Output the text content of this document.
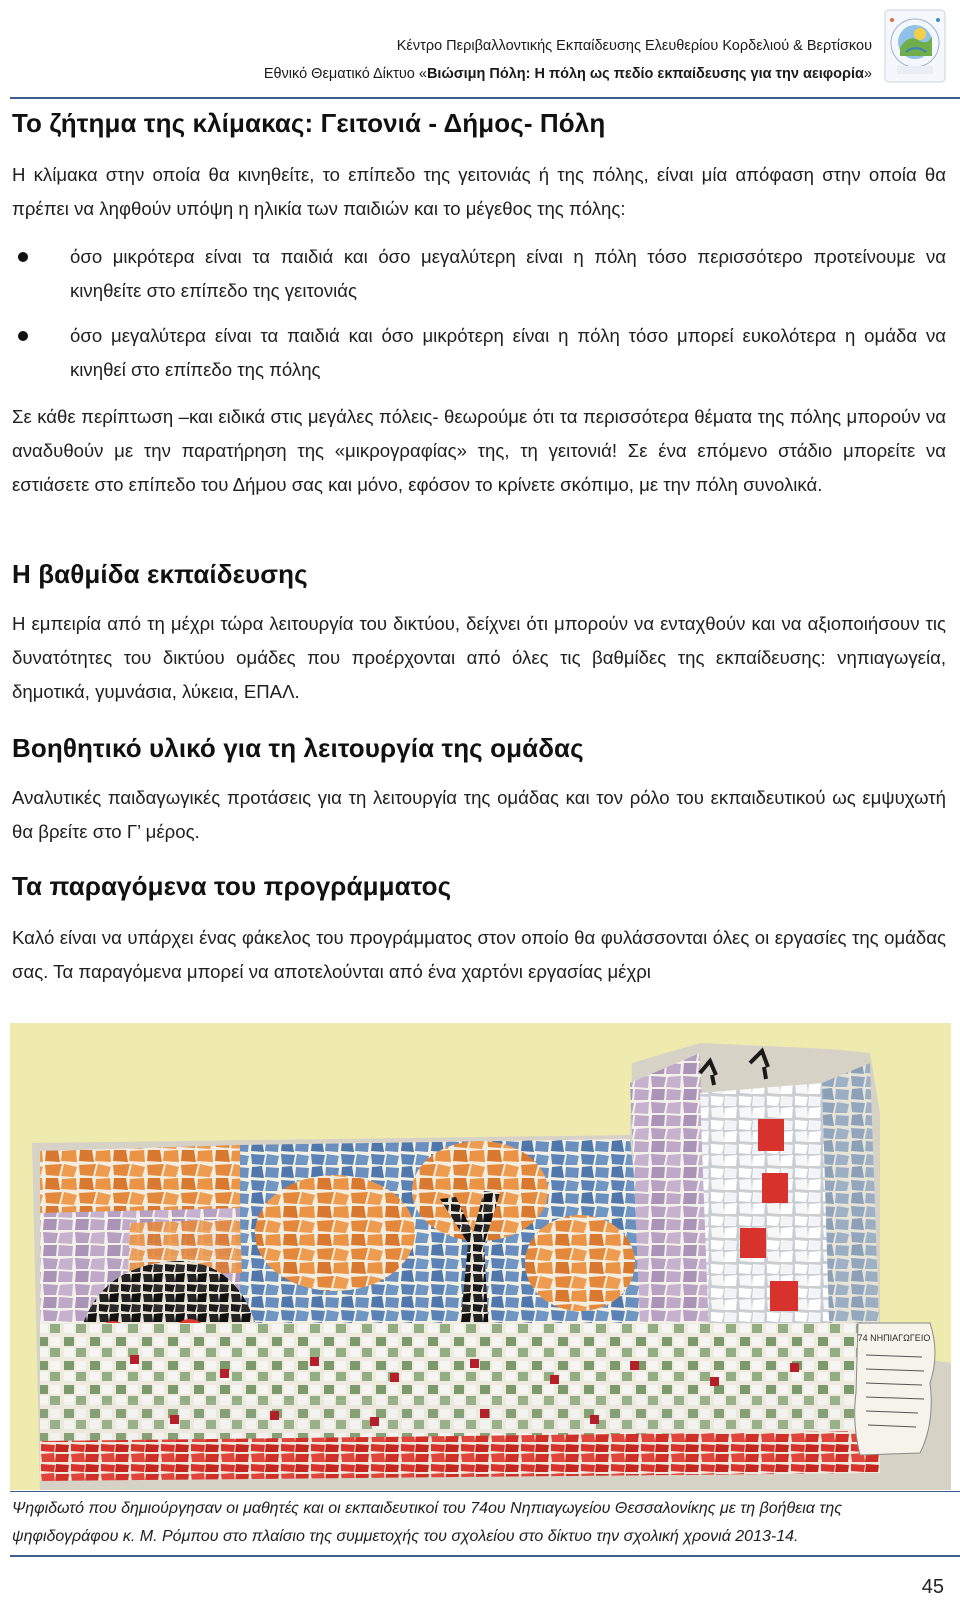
Κέντρο Περιβαλλοντικής Εκπαίδευσης Ελευθερίου Κορδελιού & Βερτίσκου
Εθνικό Θεματικό Δίκτυο «Βιώσιμη Πόλη: Η πόλη ως πεδίο εκπαίδευσης για την αειφορία»
Το ζήτημα της κλίμακας: Γειτονιά - Δήμος- Πόλη

Η κλίμακα στην οποία θα κινηθείτε, το επίπεδο της γειτονιάς ή της πόλης, είναι μία απόφαση στην οποία θα πρέπει να ληφθούν υπόψη η ηλικία των παιδιών και το μέγεθος της πόλης:

όσο μικρότερα είναι τα παιδιά και όσο μεγαλύτερη είναι η πόλη τόσο περισσότερο προτείνουμε να κινηθείτε στο επίπεδο της γειτονιάς

όσο μεγαλύτερα είναι τα παιδιά και όσο μικρότερη είναι η πόλη τόσο μπορεί ευκολότερα η ομάδα να κινηθεί στο επίπεδο της πόλης

Σε κάθε περίπτωση –και ειδικά στις μεγάλες πόλεις- θεωρούμε ότι τα περισσότερα θέματα της πόλης μπορούν να αναδυθούν με την παρατήρηση της «μικρογραφίας» της, τη γειτονιά! Σε ένα επόμενο στάδιο μπορείτε να εστιάσετε στο επίπεδο του Δήμου σας και μόνο, εφόσον το κρίνετε σκόπιμο, με την πόλη συνολικά.

Η βαθμίδα εκπαίδευσης

Η εμπειρία από τη μέχρι τώρα λειτουργία του δικτύου, δείχνει ότι μπορούν να ενταχθούν και να αξιοποιήσουν τις δυνατότητες του δικτύου ομάδες που προέρχονται από όλες τις βαθμίδες της εκπαίδευσης: νηπιαγωγεία, δημοτικά, γυμνάσια, λύκεια, ΕΠΑΛ.

Βοηθητικό υλικό για τη λειτουργία της ομάδας

Αναλυτικές παιδαγωγικές προτάσεις για τη λειτουργία της ομάδας και τον ρόλο του εκπαιδευτικού ως εμψυχωτή θα βρείτε στο Γ’ μέρος.

Τα παραγόμενα του προγράμματος

Καλό είναι να υπάρχει ένας φάκελος του προγράμματος στον οποίο θα φυλάσσονται όλες οι εργασίες της ομάδας σας. Τα παραγόμενα μπορεί να αποτελούνται από ένα χαρτόνι εργασίας μέχρι

74 ΝΗΠΙΑΓΩΓΕΙΟ

Ψηφιδωτό που δημιούργησαν οι μαθητές και οι εκπαιδευτικοί του 74ου Νηπιαγωγείου Θεσσαλονίκης με τη βοήθεια της ψηφιδογράφου κ. Μ. Ρόμπου στο πλαίσιο της συμμετοχής του σχολείου στο δίκτυο την σχολική χρονιά 2013-14.

45
